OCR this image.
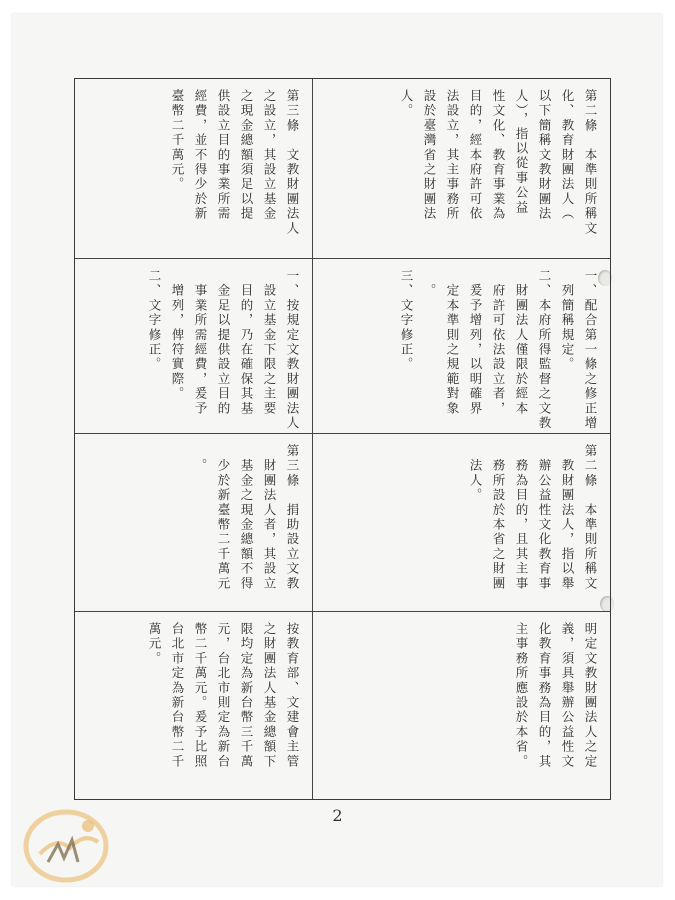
第三條　文教財團法人
之設立，其設立基金
之現金總額須足以提
供設立目的事業所需
經費，並不得少於新
臺幣二千萬元。	第二條　本準則所稱文
化、教育財團法人（
以下簡稱文教財團法
人），指以從事公益
性文化、教育事業為
目的，經本府許可依
法設立，其主事務所
設於臺灣省之財團法
人。
一、按規定文教財團法人
　設立基金下限之主要
　目的，乃在確保其基
　金足以提供設立目的
　事業所需經費，爰予
　增列，俾符實際。
二、文字修正。	一、配合第一條之修正增
　列簡稱規定。
二、本府所得監督之文教
　財團法人僅限於經本
　府許可依法設立者，
　爰予增列，以明確界
　定本準則之規範對象
　。
三、文字修正。
第三條　捐助設立文教
　財團法人者，其設立
　基金之現金總額不得
　少於新臺幣二千萬元
　。	第二條　本準則所稱文
　教財團法人，指以舉
　辦公益性文化教育事
　務為目的，且其主事
　務所設於本省之財團
　法人。
按教育部、文建會主管
之財團法人基金總額下
限均定為新台幣三千萬
元，台北市則定為新台
幣二千萬元。爰予比照
台北市定為新台幣二千
萬元。	明定文教財團法人之定
義，須具舉辦公益性文
化教育事務為目的，其
主事務所應設於本省。
2
